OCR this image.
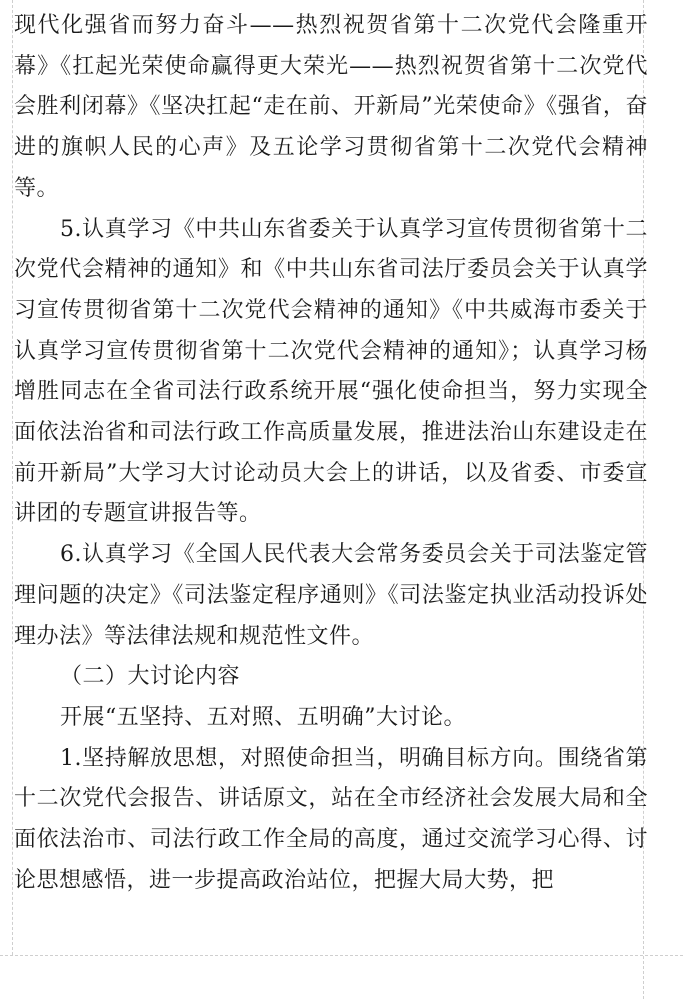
现代化强省而努力奋斗——热烈祝贺省第十二次党代会隆重开幕》《扛起光荣使命赢得更大荣光——热烈祝贺省第十二次党代会胜利闭幕》《坚决扛起“走在前、开新局”光荣使命》《强省，奋进的旗帜人民的心声》及五论学习贯彻省第十二次党代会精神等。

5.认真学习《中共山东省委关于认真学习宣传贯彻省第十二次党代会精神的通知》和《中共山东省司法厅委员会关于认真学习宣传贯彻省第十二次党代会精神的通知》《中共威海市委关于认真学习宣传贯彻省第十二次党代会精神的通知》；认真学习杨增胜同志在全省司法行政系统开展“强化使命担当，努力实现全面依法治省和司法行政工作高质量发展，推进法治山东建设走在前开新局”大学习大讨论动员大会上的讲话，以及省委、市委宣讲团的专题宣讲报告等。

6.认真学习《全国人民代表大会常务委员会关于司法鉴定管理问题的决定》《司法鉴定程序通则》《司法鉴定执业活动投诉处理办法》等法律法规和规范性文件。

（二）大讨论内容

开展“五坚持、五对照、五明确”大讨论。

1.坚持解放思想，对照使命担当，明确目标方向。围绕省第十二次党代会报告、讲话原文，站在全市经济社会发展大局和全面依法治市、司法行政工作全局的高度，通过交流学习心得、讨论思想感悟，进一步提高政治站位，把握大局大势，把
